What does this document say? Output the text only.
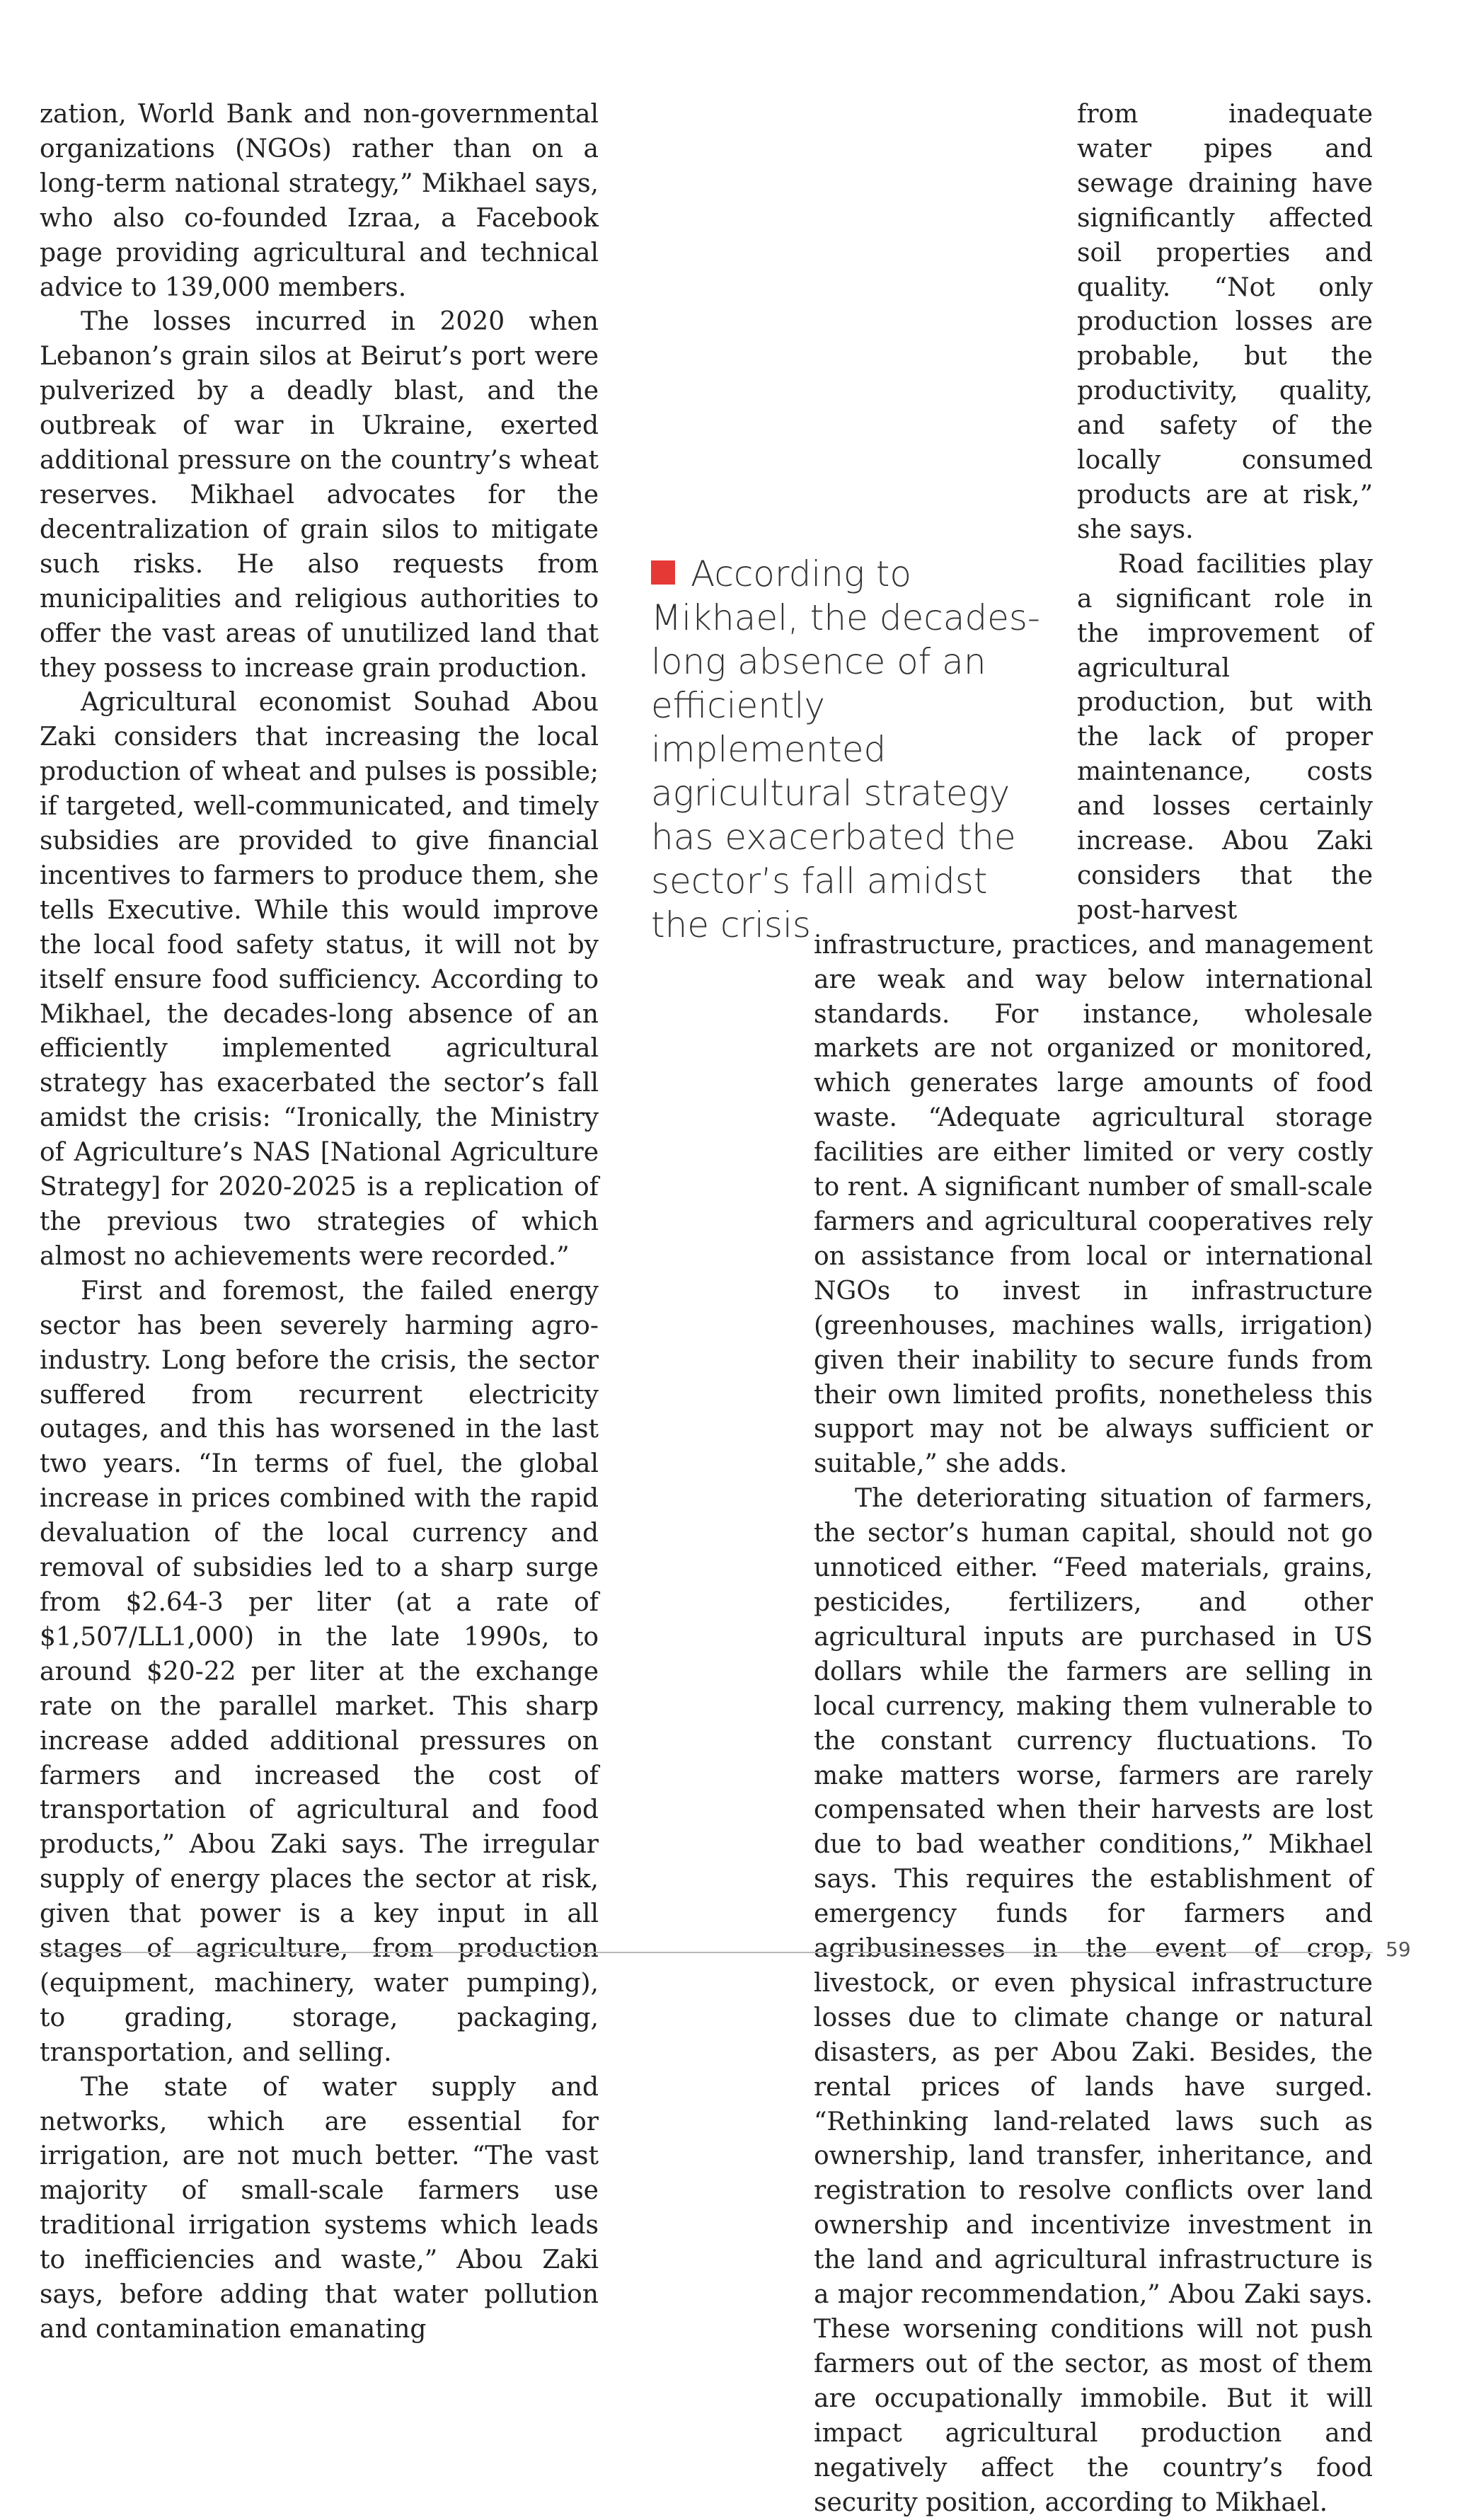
zation, World Bank and non-governmental organizations (NGOs) rather than on a long-term national strategy,” Mikhael says, who also co-founded Izraa, a Facebook page providing agricultural and technical advice to 139,000 members.

The losses incurred in 2020 when Lebanon’s grain silos at Beirut’s port were pulverized by a deadly blast, and the outbreak of war in Ukraine, exerted additional pressure on the country’s wheat reserves. Mikhael advocates for the decentralization of grain silos to mitigate such risks. He also requests from municipalities and religious authorities to offer the vast areas of unutilized land that they possess to increase grain production.

Agricultural economist Souhad Abou Zaki considers that increasing the local production of wheat and pulses is possible; if targeted, well-communicated, and timely subsidies are provided to give financial incentives to farmers to produce them, she tells Executive. While this would improve the local food safety status, it will not by itself ensure food sufficiency. According to Mikhael, the decades-long absence of an efficiently implemented agricultural strategy has exacerbated the sector’s fall amidst the crisis: “Ironically, the Ministry of Agriculture’s NAS [National Agriculture Strategy] for 2020-2025 is a replication of the previous two strategies of which almost no achievements were recorded.”

First and foremost, the failed energy sector has been severely harming agro-industry. Long before the crisis, the sector suffered from recurrent electricity outages, and this has worsened in the last two years. “In terms of fuel, the global increase in prices combined with the rapid devaluation of the local currency and removal of subsidies led to a sharp surge from $2.64-3 per liter (at a rate of $1,507/LL1,000) in the late 1990s, to around $20-22 per liter at the exchange rate on the parallel market. This sharp increase added additional pressures on farmers and increased the cost of transportation of agricultural and food products,” Abou Zaki says. The irregular supply of energy places the sector at risk, given that power is a key input in all stages of agriculture, from production (equipment, machinery, water pumping), to grading, storage, packaging, transportation, and selling.

The state of water supply and networks, which are essential for irrigation, are not much better. “The vast majority of small-scale farmers use traditional irrigation systems which leads to inefficiencies and waste,” Abou Zaki says, before adding that water pollution and contamination emanating

from inadequate water pipes and sewage draining have significantly affected soil properties and quality. “Not only production losses are probable, but the productivity, quality, and safety of the locally consumed products are at risk,” she says.

Road facilities play a significant role in the improvement of agricultural production, but with the lack of proper maintenance, costs and losses certainly increase. Abou Zaki considers that the post-harvest infrastructure, practices, and management are weak and way below international standards. For instance, wholesale markets are not organized or monitored, which generates large amounts of food waste. “Adequate agricultural storage facilities are either limited or very costly to rent. A significant number of small-scale farmers and agricultural cooperatives rely on assistance from local or international NGOs to invest in infrastructure (greenhouses, machines walls, irrigation) given their inability to secure funds from their own limited profits, nonetheless this support may not be always sufficient or suitable,” she adds.

The deteriorating situation of farmers, the sector’s human capital, should not go unnoticed either. “Feed materials, grains, pesticides, fertilizers, and other agricultural inputs are purchased in US dollars while the farmers are selling in local currency, making them vulnerable to the constant currency fluctuations. To make matters worse, farmers are rarely compensated when their harvests are lost due to bad weather conditions,” Mikhael says. This requires the establishment of emergency funds for farmers and agribusinesses in the event of crop, livestock, or even physical infrastructure losses due to climate change or natural disasters, as per Abou Zaki. Besides, the rental prices of lands have surged. “Rethinking land-related laws such as ownership, land transfer, inheritance, and registration to resolve conflicts over land ownership and incentivize investment in the land and agricultural infrastructure is a major recommendation,” Abou Zaki says. These worsening conditions will not push farmers out of the sector, as most of them are occupationally immobile. But it will impact agricultural production and negatively affect the country’s food security position, according to Mikhael.

According to Mikhael, the decades-long absence of an efficiently implemented agricultural strategy has exacerbated the sector’s fall amidst the crisis
59
